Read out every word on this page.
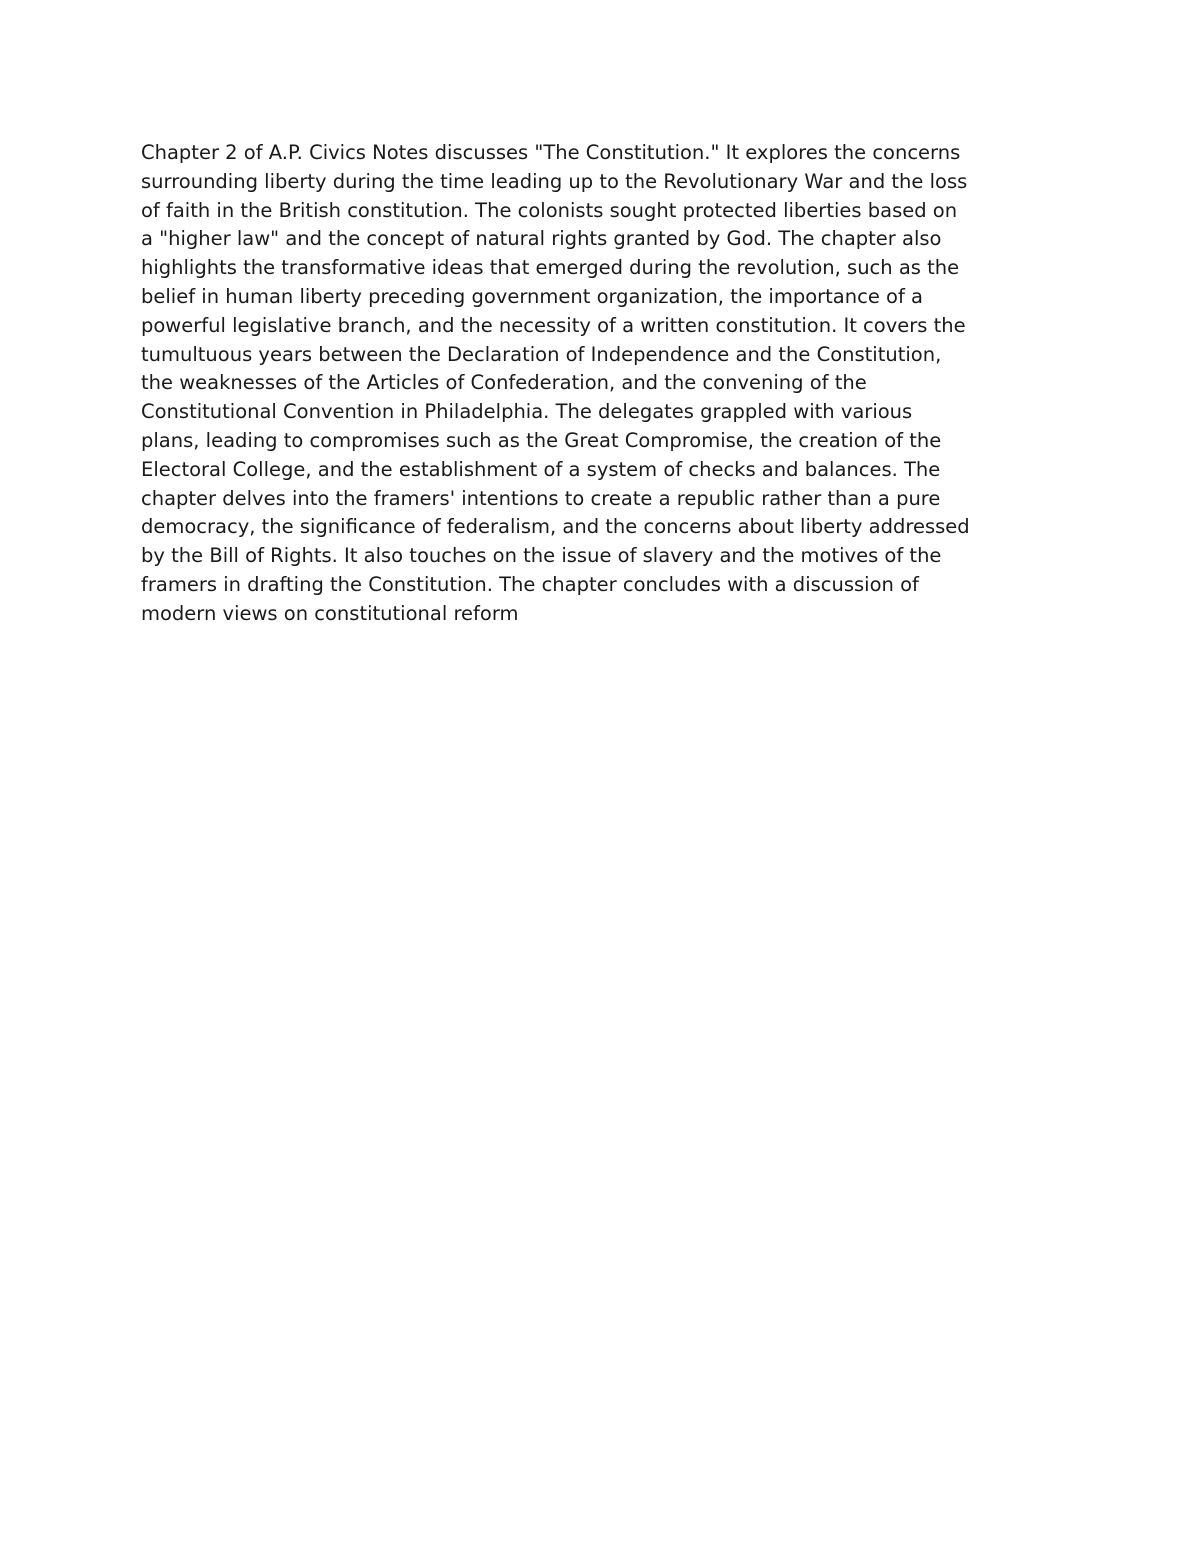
Chapter 2 of A.P. Civics Notes discusses "The Constitution." It explores the concerns
surrounding liberty during the time leading up to the Revolutionary War and the loss
of faith in the British constitution. The colonists sought protected liberties based on
a "higher law" and the concept of natural rights granted by God. The chapter also
highlights the transformative ideas that emerged during the revolution, such as the
belief in human liberty preceding government organization, the importance of a
powerful legislative branch, and the necessity of a written constitution. It covers the
tumultuous years between the Declaration of Independence and the Constitution,
the weaknesses of the Articles of Confederation, and the convening of the
Constitutional Convention in Philadelphia. The delegates grappled with various
plans, leading to compromises such as the Great Compromise, the creation of the
Electoral College, and the establishment of a system of checks and balances. The
chapter delves into the framers' intentions to create a republic rather than a pure
democracy, the significance of federalism, and the concerns about liberty addressed
by the Bill of Rights. It also touches on the issue of slavery and the motives of the
framers in drafting the Constitution. The chapter concludes with a discussion of
modern views on constitutional reform
